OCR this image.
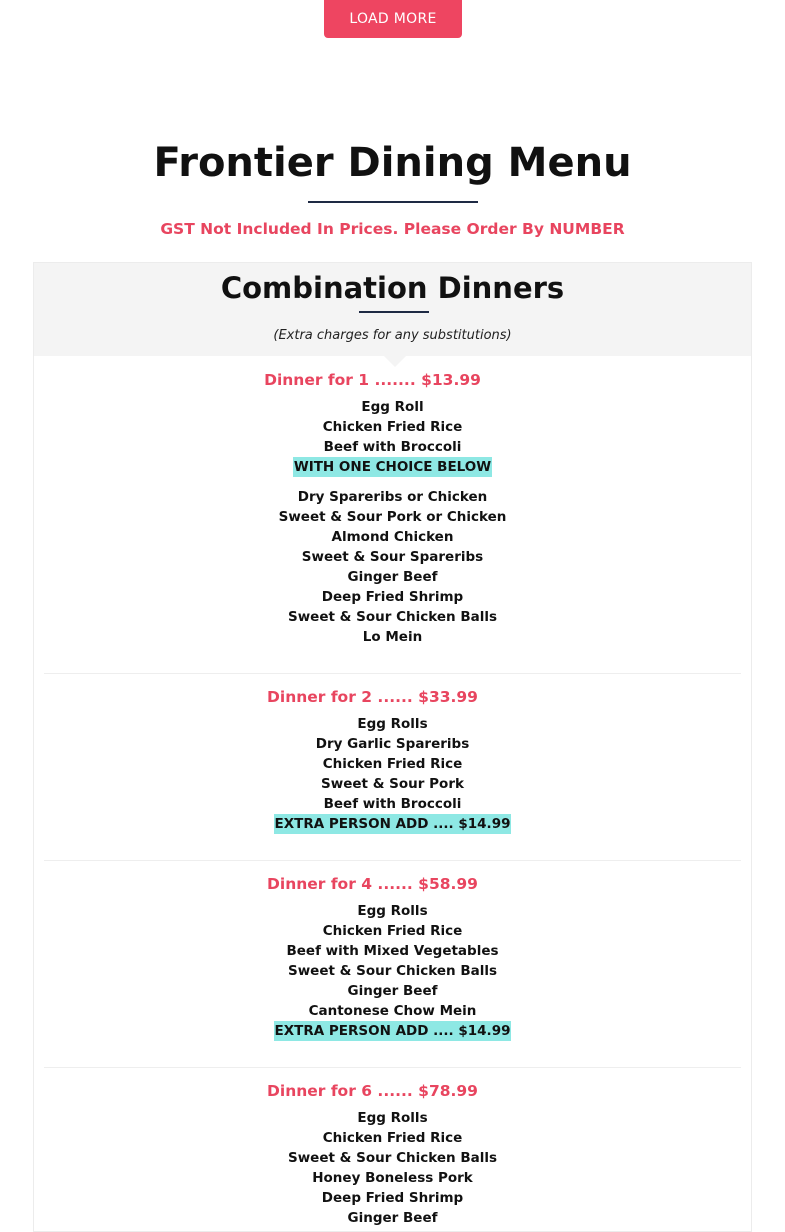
LOAD MORE
Frontier Dining Menu

GST Not Included In Prices. Please Order By NUMBER

Combination Dinners

(Extra charges for any substitutions)

Dinner for 1 ....... $13.99

Egg Roll

Chicken Fried Rice

Beef with Broccoli

WITH ONE CHOICE BELOW

Dry Spareribs or Chicken

Sweet & Sour Pork or Chicken

Almond Chicken

Sweet & Sour Spareribs

Ginger Beef

Deep Fried Shrimp

Sweet & Sour Chicken Balls

Lo Mein

Dinner for 2 ...... $33.99

Egg Rolls

Dry Garlic Spareribs

Chicken Fried Rice

Sweet & Sour Pork

Beef with Broccoli

EXTRA PERSON ADD .... $14.99

Dinner for 4 ...... $58.99

Egg Rolls

Chicken Fried Rice

Beef with Mixed Vegetables

Sweet & Sour Chicken Balls

Ginger Beef

Cantonese Chow Mein

EXTRA PERSON ADD .... $14.99

Dinner for 6 ...... $78.99

Egg Rolls

Chicken Fried Rice

Sweet & Sour Chicken Balls

Honey Boneless Pork

Deep Fried Shrimp

Ginger Beef
